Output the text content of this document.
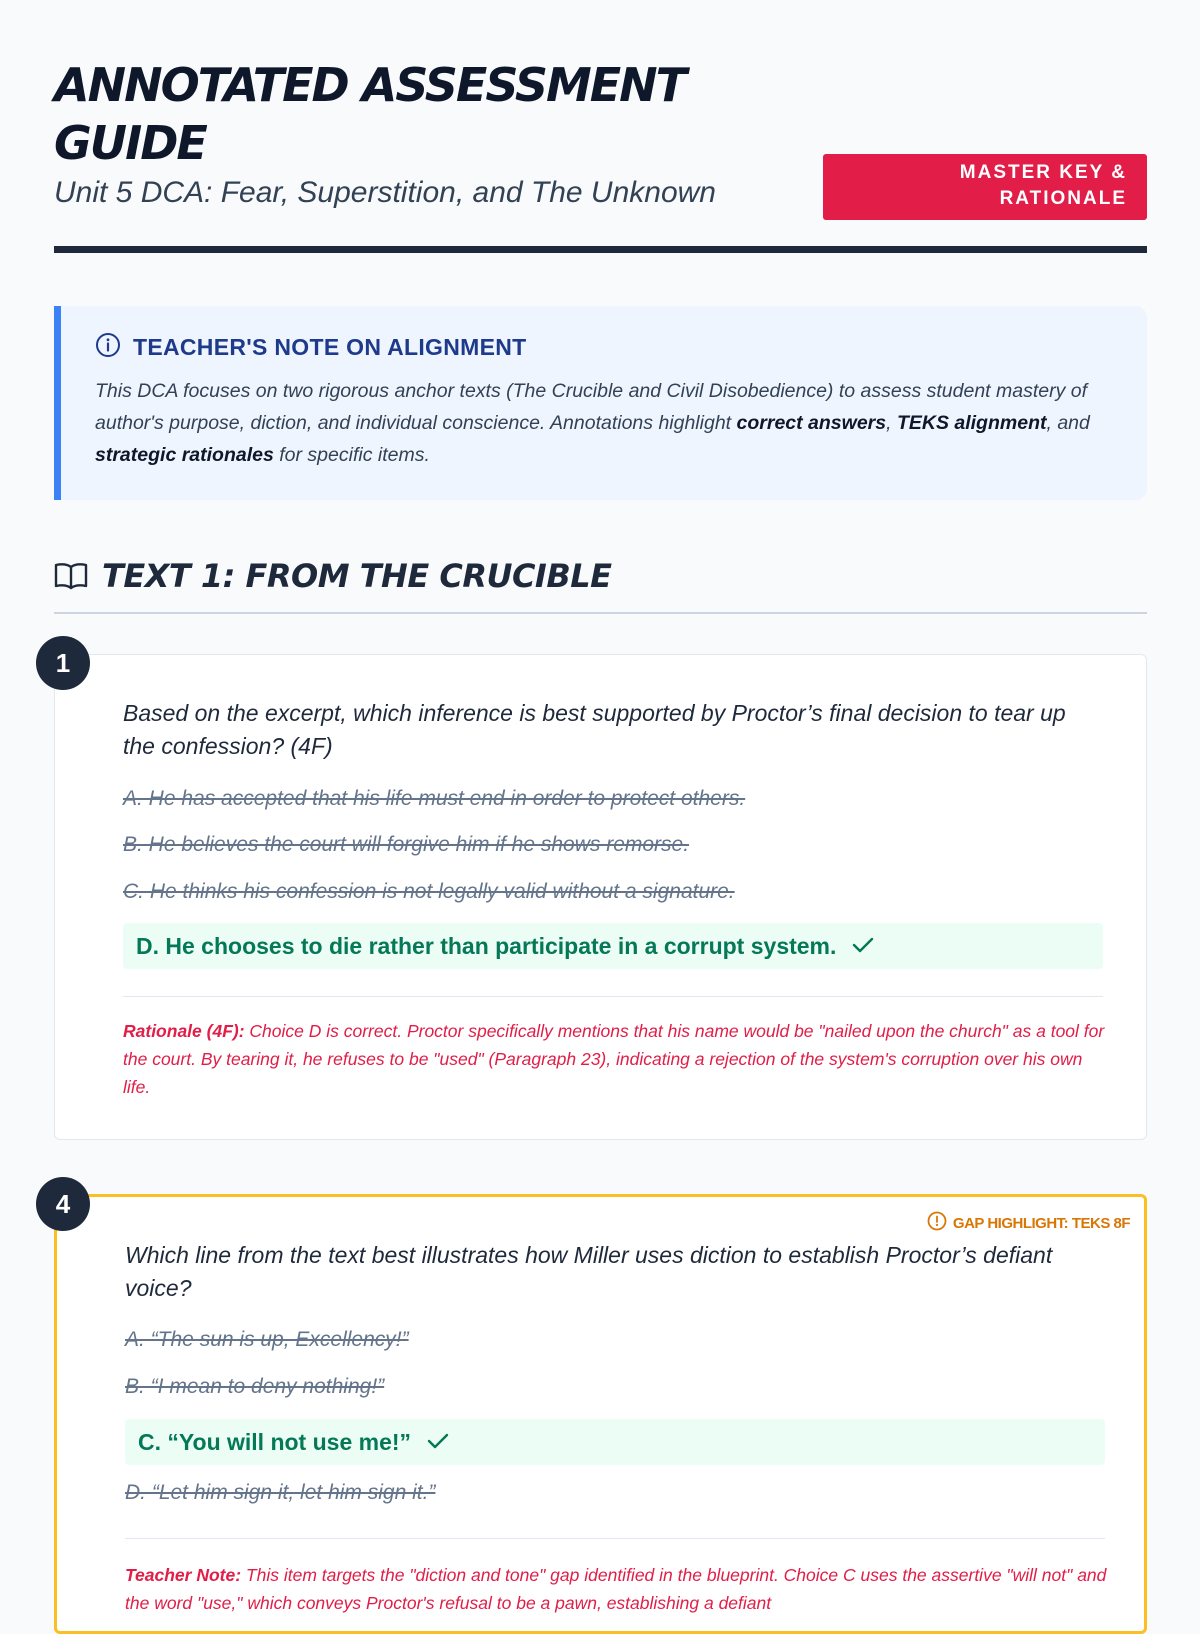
ANNOTATED ASSESSMENT GUIDE
Unit 5 DCA: Fear, Superstition, and The Unknown
MASTER KEY & RATIONALE
TEACHER'S NOTE ON ALIGNMENT

This DCA focuses on two rigorous anchor texts (The Crucible and Civil Disobedience) to assess student mastery of author's purpose, diction, and individual conscience. Annotations highlight correct answers, TEKS alignment, and strategic rationales for specific items.

TEXT 1: FROM THE CRUCIBLE
Based on the excerpt, which inference is best supported by Proctor’s final decision to tear up the confession? (4F)
A. He has accepted that his life must end in order to protect others.
B. He believes the court will forgive him if he shows remorse.
C. He thinks his confession is not legally valid without a signature.
D. He chooses to die rather than participate in a corrupt system.

Rationale (4F): Choice D is correct. Proctor specifically mentions that his name would be "nailed upon the church" as a tool for the court. By tearing it, he refuses to be "used" (Paragraph 23), indicating a rejection of the system's corruption over his own life.

1
GAP HIGHLIGHT: TEKS 8F
Which line from the text best illustrates how Miller uses diction to establish Proctor’s defiant voice?
A. “The sun is up, Excellency!”
B. “I mean to deny nothing!”
C. “You will not use me!”
D. “Let him sign it, let him sign it.”

Teacher Note: This item targets the "diction and tone" gap identified in the blueprint. Choice C uses the assertive "will not" and the word "use," which conveys Proctor's refusal to be a pawn, establishing a defiant

4
